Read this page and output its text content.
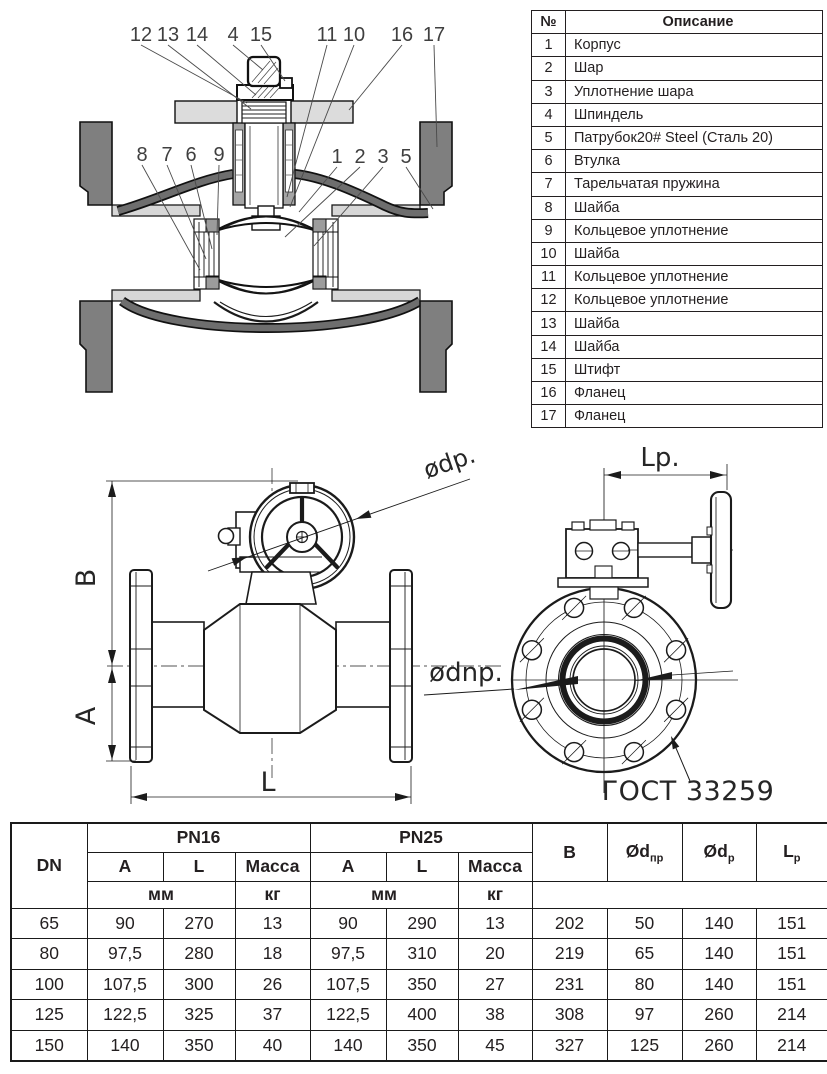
12 13 14 4 15 11 10 16 17
8 7 6 9	1 2 3 5
B
A
L
ødp.
ødnp.
Lp.
ГОСТ 33259
№	Описание
1	Корпус
2	Шар
3	Уплотнение шара
4	Шпиндель
5	Патрубок20# Steel (Сталь 20)
6	Втулка
7	Тарельчатая пружина
8	Шайба
9	Кольцевое уплотнение
10	Шайба
11	Кольцевое уплотнение
12	Кольцевое уплотнение
13	Шайба
14	Шайба
15	Штифт
16	Фланец
17	Фланец
DN	PN16			PN25			B	$Ød_{пр}$	$Ød_р$	$L_р$
	A	L	Масса	A	L	Масса				
	мм		кг	мм		кг				
65	90	270	13	90	290	13	202	50	140	151
80	97,5	280	18	97,5	310	20	219	65	140	151
100	107,5	300	26	107,5	350	27	231	80	140	151
125	122,5	325	37	122,5	400	38	308	97	260	214
150	140	350	40	140	350	45	327	125	260	214
